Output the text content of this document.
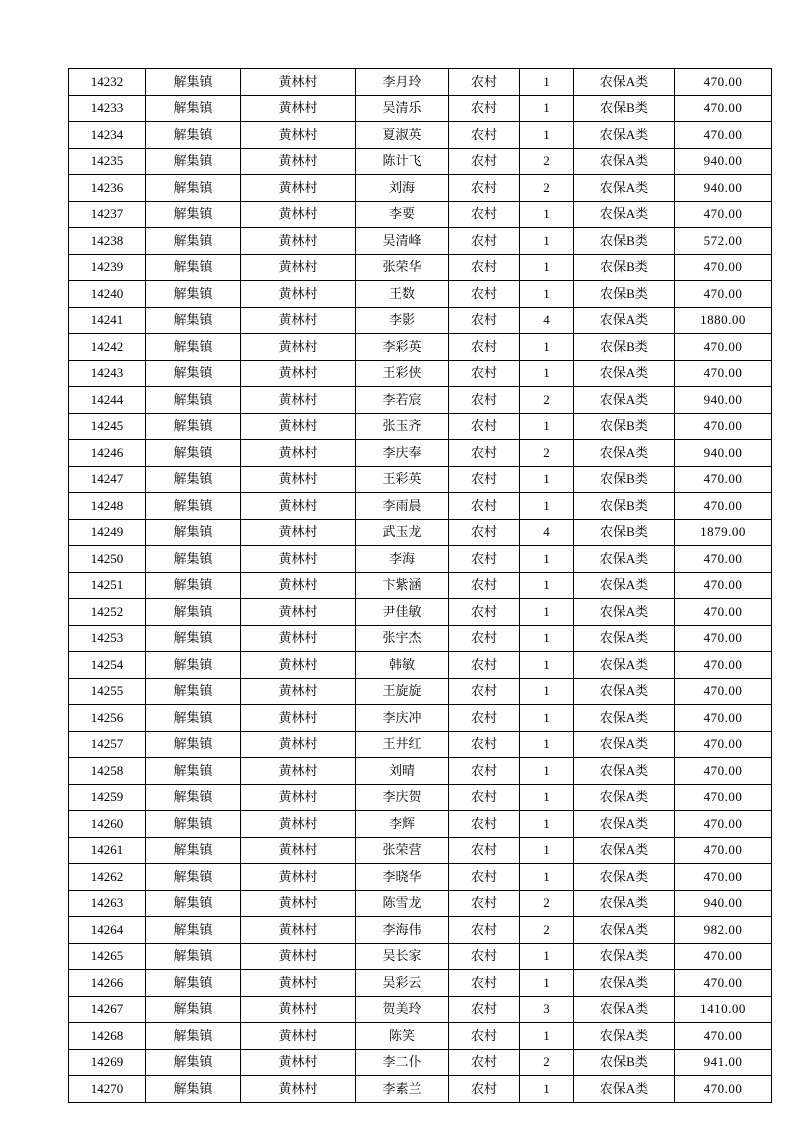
14232	解集镇	黄林村	李月玲	农村	1	农保A类	470.00
14233	解集镇	黄林村	吴清乐	农村	1	农保B类	470.00
14234	解集镇	黄林村	夏淑英	农村	1	农保A类	470.00
14235	解集镇	黄林村	陈计飞	农村	2	农保A类	940.00
14236	解集镇	黄林村	刘海	农村	2	农保A类	940.00
14237	解集镇	黄林村	李要	农村	1	农保A类	470.00
14238	解集镇	黄林村	吴清峰	农村	1	农保B类	572.00
14239	解集镇	黄林村	张荣华	农村	1	农保B类	470.00
14240	解集镇	黄林村	王数	农村	1	农保B类	470.00
14241	解集镇	黄林村	李影	农村	4	农保A类	1880.00
14242	解集镇	黄林村	李彩英	农村	1	农保B类	470.00
14243	解集镇	黄林村	王彩侠	农村	1	农保A类	470.00
14244	解集镇	黄林村	李若宸	农村	2	农保A类	940.00
14245	解集镇	黄林村	张玉齐	农村	1	农保B类	470.00
14246	解集镇	黄林村	李庆奉	农村	2	农保A类	940.00
14247	解集镇	黄林村	王彩英	农村	1	农保B类	470.00
14248	解集镇	黄林村	李雨晨	农村	1	农保B类	470.00
14249	解集镇	黄林村	武玉龙	农村	4	农保B类	1879.00
14250	解集镇	黄林村	李海	农村	1	农保A类	470.00
14251	解集镇	黄林村	卞紫涵	农村	1	农保A类	470.00
14252	解集镇	黄林村	尹佳敏	农村	1	农保A类	470.00
14253	解集镇	黄林村	张宇杰	农村	1	农保A类	470.00
14254	解集镇	黄林村	韩敏	农村	1	农保A类	470.00
14255	解集镇	黄林村	王旋旋	农村	1	农保A类	470.00
14256	解集镇	黄林村	李庆冲	农村	1	农保A类	470.00
14257	解集镇	黄林村	王井红	农村	1	农保A类	470.00
14258	解集镇	黄林村	刘晴	农村	1	农保A类	470.00
14259	解集镇	黄林村	李庆贺	农村	1	农保A类	470.00
14260	解集镇	黄林村	李辉	农村	1	农保A类	470.00
14261	解集镇	黄林村	张荣营	农村	1	农保A类	470.00
14262	解集镇	黄林村	李晓华	农村	1	农保A类	470.00
14263	解集镇	黄林村	陈雪龙	农村	2	农保A类	940.00
14264	解集镇	黄林村	李海伟	农村	2	农保A类	982.00
14265	解集镇	黄林村	吴长家	农村	1	农保A类	470.00
14266	解集镇	黄林村	吴彩云	农村	1	农保A类	470.00
14267	解集镇	黄林村	贺美玲	农村	3	农保A类	1410.00
14268	解集镇	黄林村	陈笑	农村	1	农保A类	470.00
14269	解集镇	黄林村	李二仆	农村	2	农保B类	941.00
14270	解集镇	黄林村	李素兰	农村	1	农保A类	470.00
